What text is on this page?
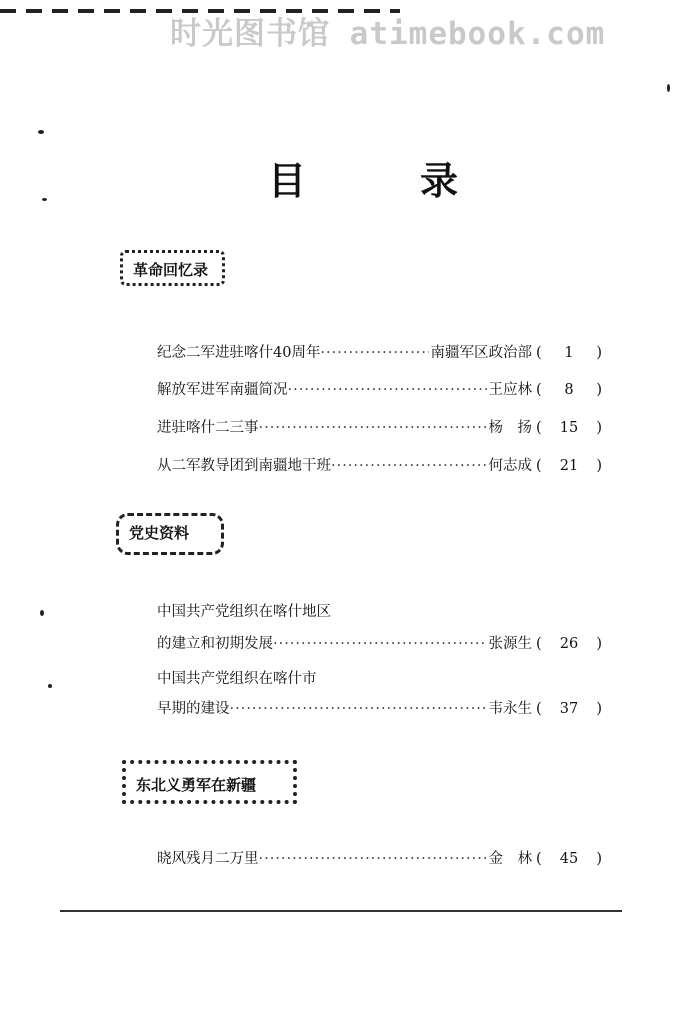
时光图书馆 atimebook.com
目	录
革命回忆录
纪念二军进驻喀什40周年 ·····	南疆军区政治部 ( 1 )
解放军进军南疆简况 ·····	王应林 ( 8 )
进驻喀什二三事 ·····	杨　扬 ( 15 )
从二军教导团到南疆地干班 ·····	何志成 ( 21 )
党史资料
中国共产党组织在喀什地区
的建立和初期发展 ·····	张源生 ( 26 )
中国共产党组织在喀什市
早期的建设 ·····	韦永生 ( 37 )
东北义勇军在新疆
晓风残月二万里 ·····	金　林 ( 45 )
